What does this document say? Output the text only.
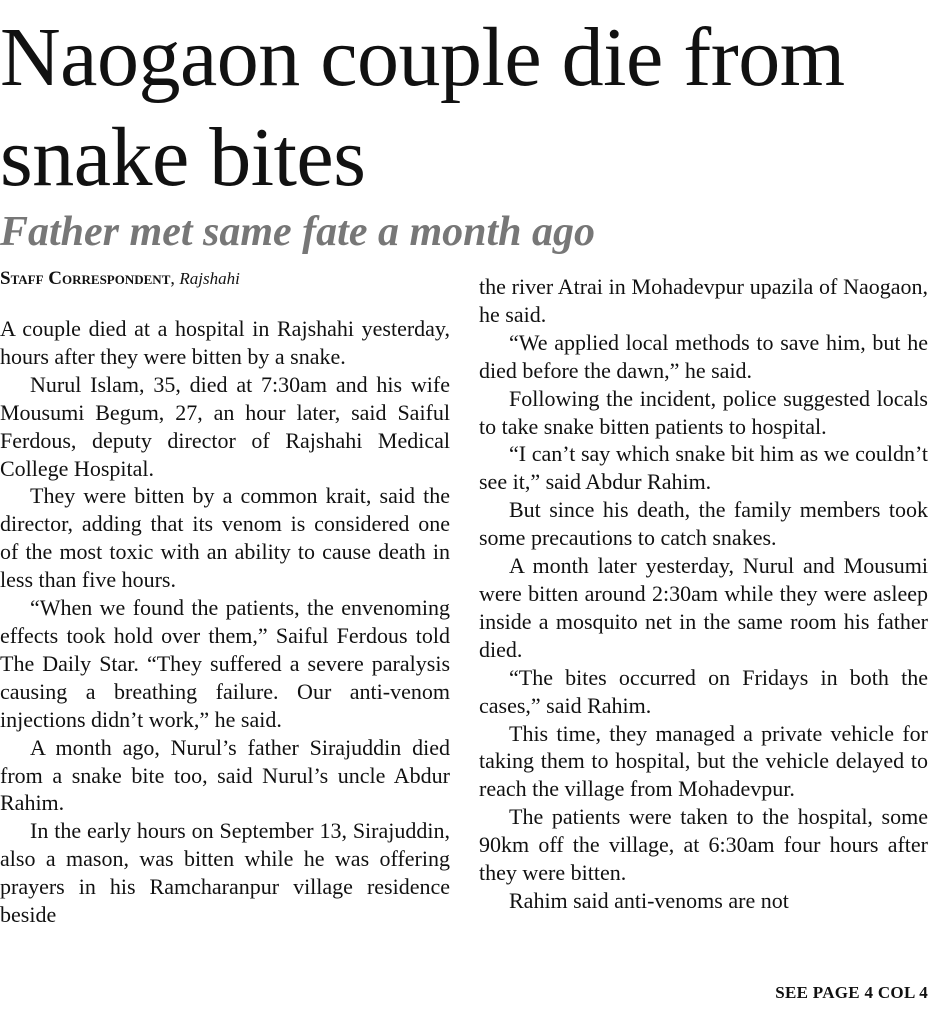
Naogaon couple die from snake bites
Father met same fate a month ago
Staff Correspondent, Rajshahi

A couple died at a hospital in Rajshahi yesterday, hours after they were bitten by a snake.

Nurul Islam, 35, died at 7:30am and his wife Mousumi Begum, 27, an hour later, said Saiful Ferdous, deputy director of Rajshahi Medical College Hospital.

They were bitten by a common krait, said the director, adding that its venom is considered one of the most toxic with an ability to cause death in less than five hours.

“When we found the patients, the envenoming effects took hold over them,” Saiful Ferdous told The Daily Star. “They suffered a severe paralysis causing a breathing failure. Our anti-venom injections didn’t work,” he said.

A month ago, Nurul’s father Sirajuddin died from a snake bite too, said Nurul’s uncle Abdur Rahim.

In the early hours on September 13, Sirajuddin, also a mason, was bitten while he was offering prayers in his Ramcharanpur village residence beside

the river Atrai in Mohadevpur upazila of Naogaon, he said.

“We applied local methods to save him, but he died before the dawn,” he said.

Following the incident, police suggested locals to take snake bitten patients to hospital.

“I can’t say which snake bit him as we couldn’t see it,” said Abdur Rahim.

But since his death, the family members took some precautions to catch snakes.

A month later yesterday, Nurul and Mousumi were bitten around 2:30am while they were asleep inside a mosquito net in the same room his father died.

“The bites occurred on Fridays in both the cases,” said Rahim.

This time, they managed a private vehicle for taking them to hospital, but the vehicle delayed to reach the village from Mohadevpur.

The patients were taken to the hospital, some 90km off the village, at 6:30am four hours after they were bitten.

Rahim said anti-venoms are not

SEE PAGE 4 COL 4
